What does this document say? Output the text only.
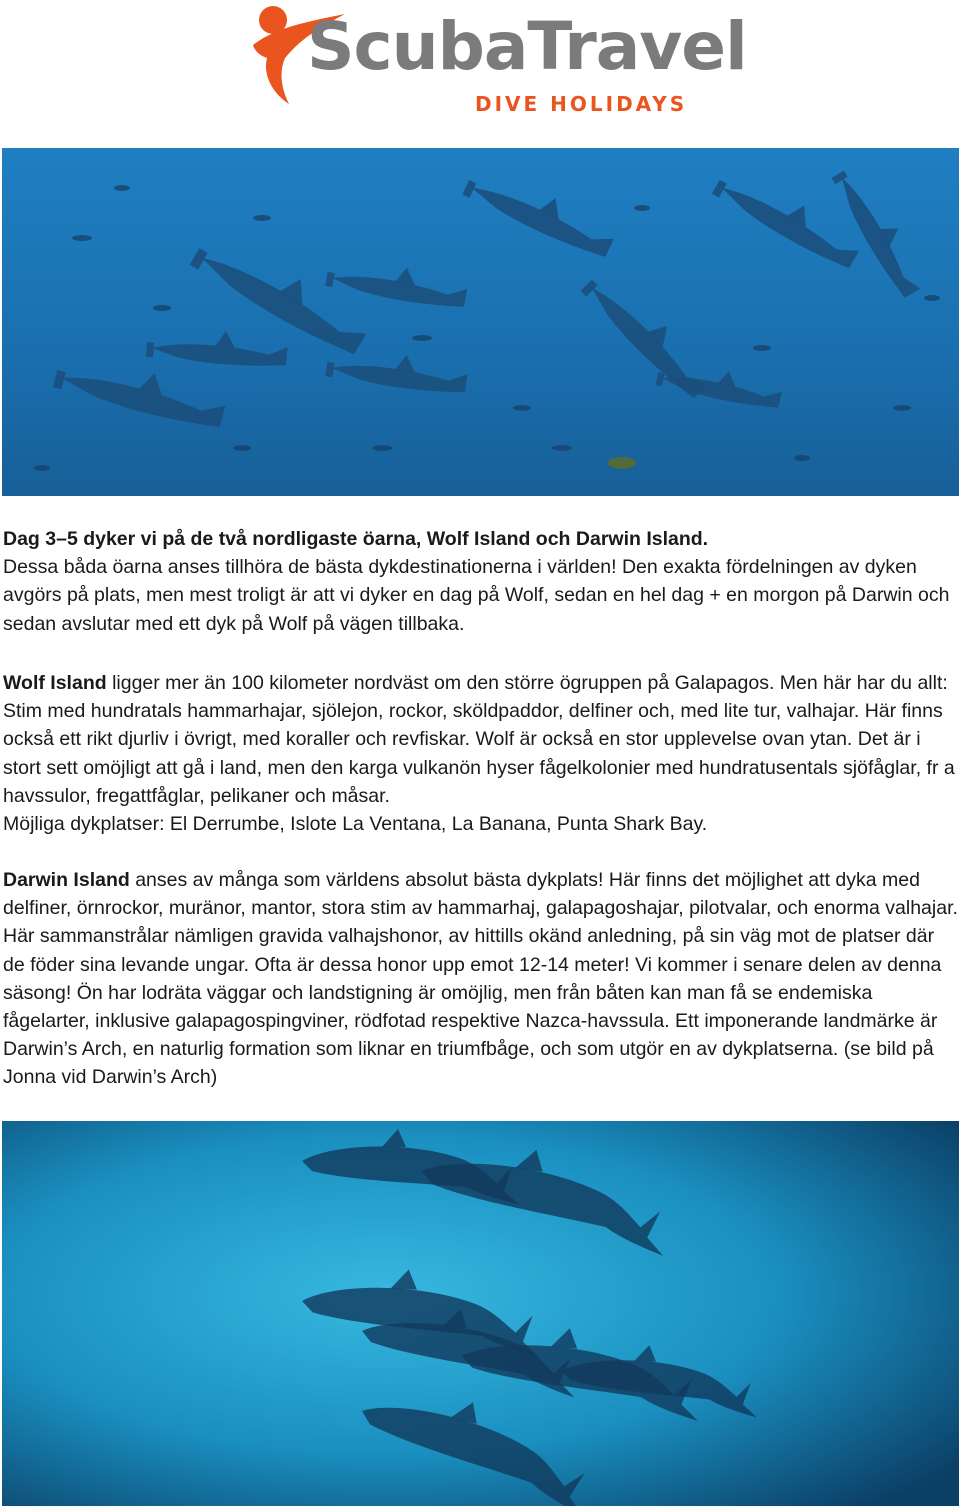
ScubaTravel
DIVE HOLIDAYS

Dag 3–5 dyker vi på de två nordligaste öarna, Wolf Island och Darwin Island.
Dessa båda öarna anses tillhöra de bästa dykdestinationerna i världen! Den exakta fördelningen av dyken avgörs på plats, men mest troligt är att vi dyker en dag på Wolf, sedan en hel dag + en morgon på Darwin och sedan avslutar med ett dyk på Wolf på vägen tillbaka.

Wolf Island ligger mer än 100 kilometer nordväst om den större ögruppen på Galapagos. Men här har du allt: Stim med hundratals hammarhajar, sjölejon, rockor, sköldpaddor, delfiner och, med lite tur, valhajar. Här finns också ett rikt djurliv i övrigt, med koraller och revfiskar. Wolf är också en stor upplevelse ovan ytan. Det är i stort sett omöjligt att gå i land, men den karga vulkanön hyser fågelkolonier med hundratusentals sjöfåglar, fr a havssulor, fregattfåglar, pelikaner och måsar.
Möjliga dykplatser: El Derrumbe, Islote La Ventana, La Banana, Punta Shark Bay.

Darwin Island anses av många som världens absolut bästa dykplats! Här finns det möjlighet att dyka med delfiner, örnrockor, muränor, mantor, stora stim av hammarhaj, galapagoshajar, pilotvalar, och enorma valhajar. Här sammanstrålar nämligen gravida valhajshonor, av hittills okänd anledning, på sin väg mot de platser där de föder sina levande ungar. Ofta är dessa honor upp emot 12-14 meter! Vi kommer i senare delen av denna säsong! Ön har lodräta väggar och landstigning är omöjlig, men från båten kan man få se endemiska fågelarter, inklusive galapagospingviner, rödfotad respektive Nazca-havssula. Ett imponerande landmärke är Darwin’s Arch, en naturlig formation som liknar en triumfbåge, och som utgör en av dykplatserna. (se bild på Jonna vid Darwin’s Arch)
